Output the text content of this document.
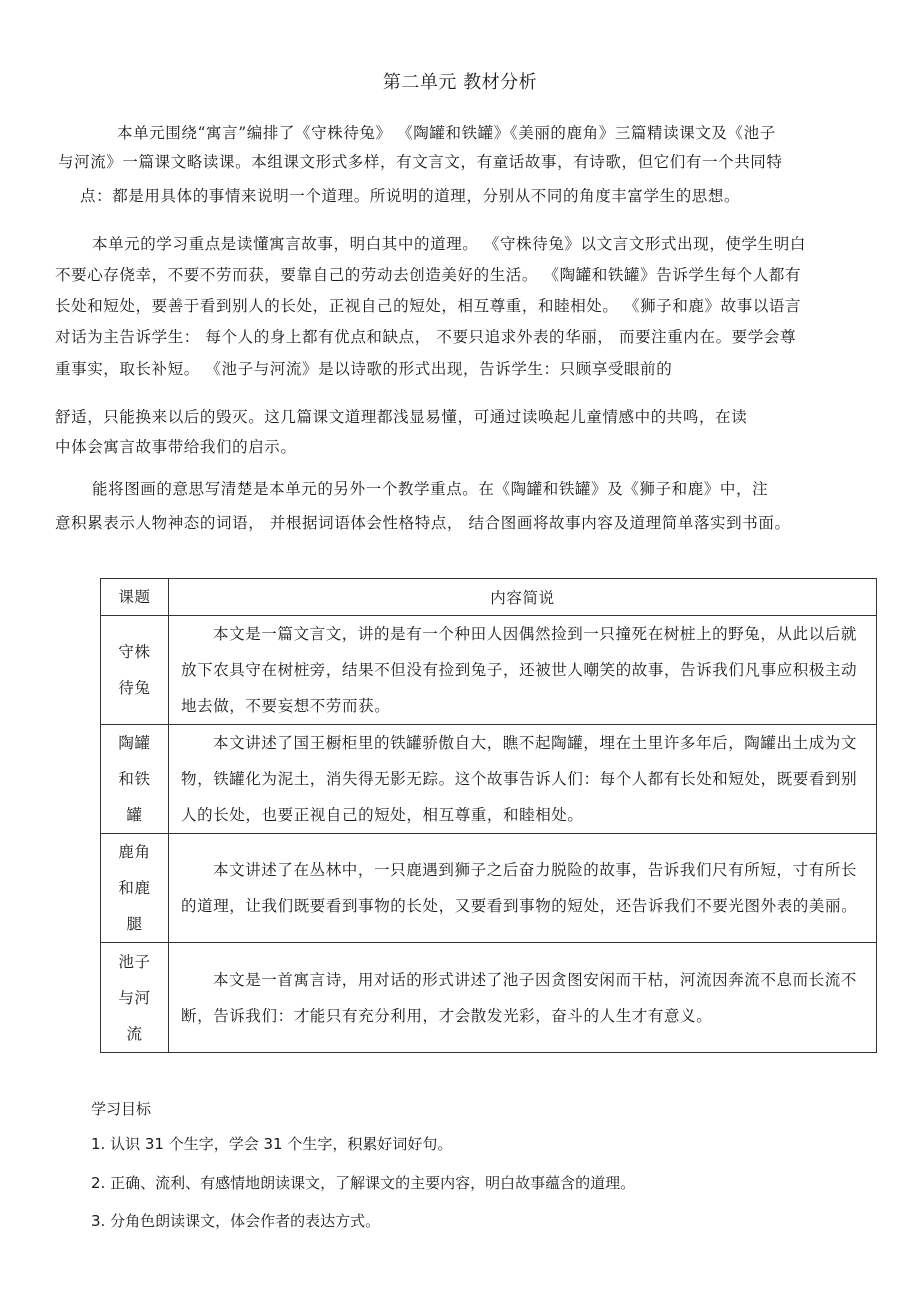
第二单元 教材分析
本单元围绕“寓言”编排了《守株待兔》 《陶罐和铁罐》《美丽的鹿角》三篇精读课文及《池子
与河流》一篇课文略读课。本组课文形式多样，有文言文，有童话故事，有诗歌，但它们有一个共同特
点：都是用具体的事情来说明一个道理。所说明的道理，分别从不同的角度丰富学生的思想。
本单元的学习重点是读懂寓言故事，明白其中的道理。 《守株待兔》以文言文形式出现，使学生明白
不要心存侥幸，不要不劳而获，要靠自己的劳动去创造美好的生活。 《陶罐和铁罐》告诉学生每个人都有
长处和短处，要善于看到别人的长处，正视自己的短处，相互尊重，和睦相处。 《狮子和鹿》故事以语言
对话为主告诉学生： 每个人的身上都有优点和缺点， 不要只追求外表的华丽， 而要注重内在。要学会尊
重事实，取长补短。 《池子与河流》是以诗歌的形式出现，告诉学生：只顾享受眼前的
舒适，只能换来以后的毁灭。这几篇课文道理都浅显易懂，可通过读唤起儿童情感中的共鸣，在读
中体会寓言故事带给我们的启示。
能将图画的意思写清楚是本单元的另外一个教学重点。在《陶罐和铁罐》及《狮子和鹿》中，注
意积累表示人物神态的词语， 并根据词语体会性格特点， 结合图画将故事内容及道理简单落实到书面。
课题	内容简说

守株
待兔	本文是一篇文言文，讲的是有一个种田人因偶然捡到一只撞死在树桩上的野兔，从此以后就放下农具守在树桩旁，结果不但没有捡到兔子，还被世人嘲笑的故事，告诉我们凡事应积极主动地去做，不要妄想不劳而获。

陶罐
和铁
罐	本文讲述了国王橱柜里的铁罐骄傲自大，瞧不起陶罐，埋在土里许多年后，陶罐出土成为文物，铁罐化为泥土，消失得无影无踪。这个故事告诉人们：每个人都有长处和短处，既要看到别人的长处，也要正视自己的短处，相互尊重，和睦相处。

鹿角
和鹿
腿	本文讲述了在丛林中，一只鹿遇到狮子之后奋力脱险的故事，告诉我们尺有所短，寸有所长的道理，让我们既要看到事物的长处，又要看到事物的短处，还告诉我们不要光图外表的美丽。

池子
与河
流	本文是一首寓言诗，用对话的形式讲述了池子因贪图安闲而干枯，河流因奔流不息而长流不断，告诉我们：才能只有充分利用，才会散发光彩，奋斗的人生才有意义。
学习目标
1. 认识 31 个生字，学会 31 个生字，积累好词好句。
2. 正确、流利、有感情地朗读课文，了解课文的主要内容，明白故事蕴含的道理。
3. 分角色朗读课文，体会作者的表达方式。
